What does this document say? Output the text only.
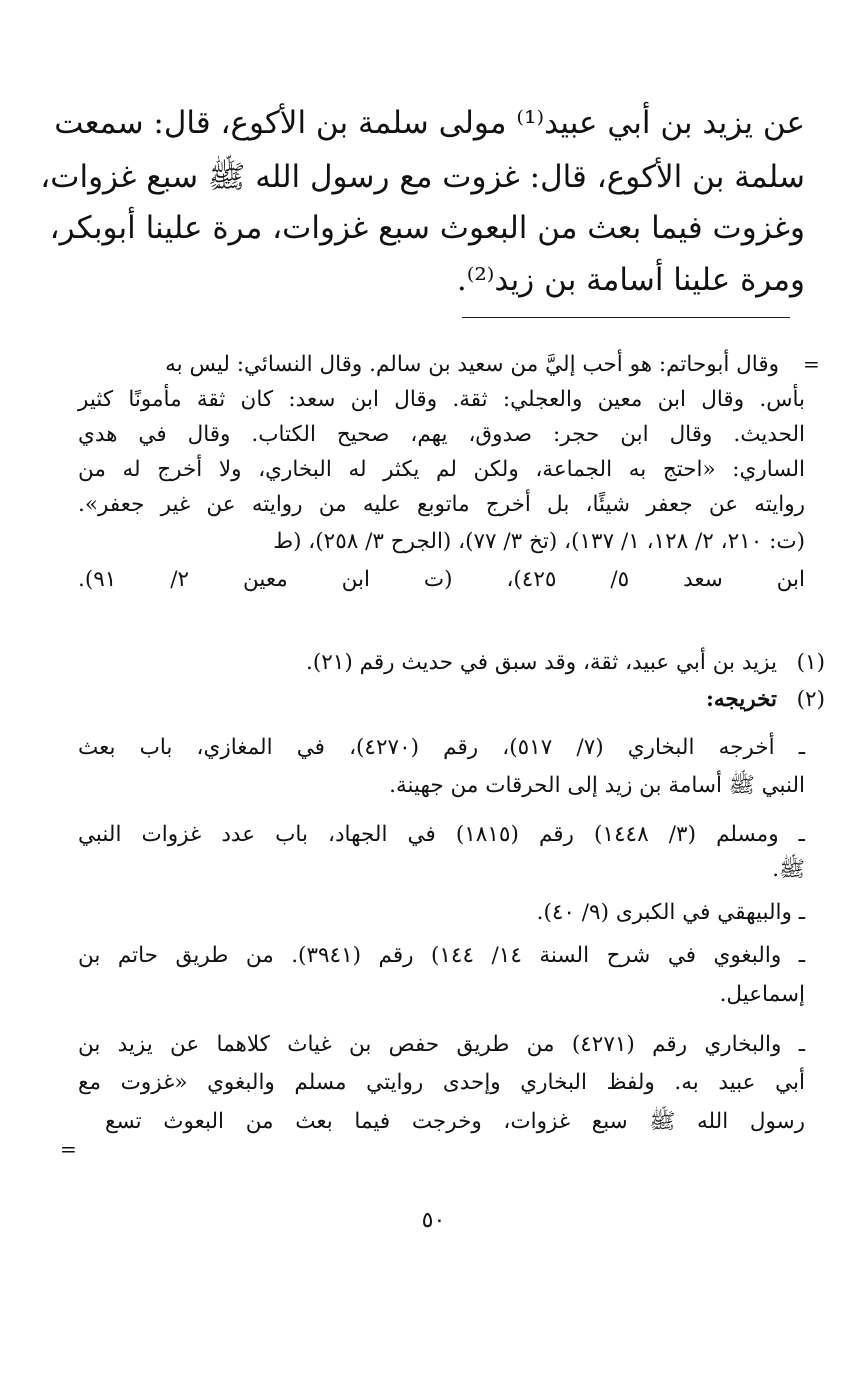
عن يزيد بن أبي عبيد⁽¹⁾ مولى سلمة بن الأكوع، قال: سمعت
سلمة بن الأكوع، قال: غزوت مع رسول الله ﷺ سبع غزوات،
وغزوت فيما بعث من البعوث سبع غزوات، مرة علينا أبوبكر،
ومرة علينا أسامة بن زيد⁽²⁾.
=
وقال أبوحاتم: هو أحب إليَّ من سعيد بن سالم. وقال النسائي: ليس به
بأس. وقال ابن معين والعجلي: ثقة. وقال ابن سعد: كان ثقة مأمونًا كثير
الحديث. وقال ابن حجر: صدوق، يهم، صحيح الكتاب. وقال في هدي
الساري: «احتج به الجماعة، ولكن لم يكثر له البخاري، ولا أخرج له من
روايته عن جعفر شيئًا، بل أخرج ماتوبع عليه من روايته عن غير جعفر».
(ت: ٢١٠، ٢/ ١٢٨، ١/ ١٣٧)، (تخ ٣/ ٧٧)، (الجرح ٣/ ٢٥٨)، (ط
ابن سعد ٥/ ٤٢٥)، (ت ابن معين ٢/ ٩١).
(١)
يزيد بن أبي عبيد، ثقة، وقد سبق في حديث رقم (٢١).
(٢)
تخريجه:
ـ أخرجه البخاري (٧/ ٥١٧)، رقم (٤٢٧٠)، في المغازي، باب بعث
النبي ﷺ أسامة بن زيد إلى الحرقات من جهينة.
ـ ومسلم (٣/ ١٤٤٨) رقم (١٨١٥) في الجهاد، باب عدد غزوات النبي
ﷺ.
ـ والبيهقي في الكبرى (٩/ ٤٠).
ـ والبغوي في شرح السنة ١٤/ ١٤٤) رقم (٣٩٤١). من طريق حاتم بن
إسماعيل.
ـ والبخاري رقم (٤٢٧١) من طريق حفص بن غياث كلاهما عن يزيد بن
أبي عبيد به. ولفظ البخاري وإحدى روايتي مسلم والبغوي «غزوت مع
رسول الله ﷺ سبع غزوات، وخرجت فيما بعث من البعوث تسع
=
٥٠
